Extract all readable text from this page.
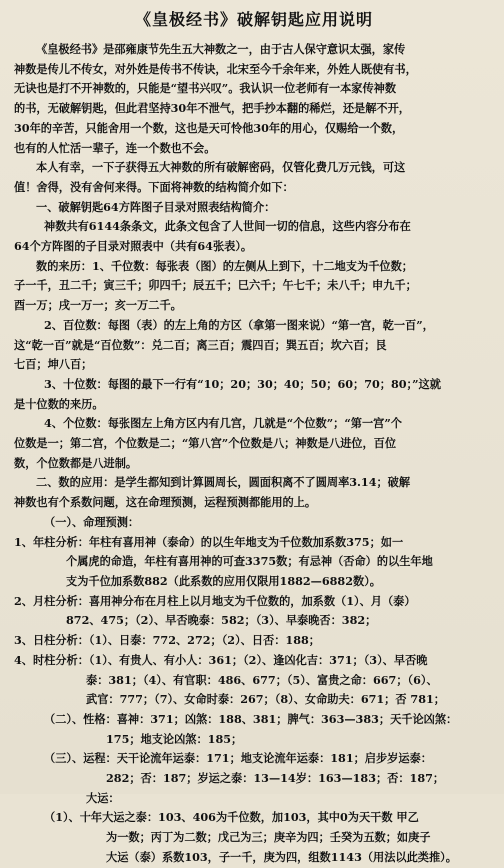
《皇极经书》破解钥匙应用说明
《皇极经书》是邵雍康节先生五大神数之一，由于古人保守意识太强，家传
神数是传儿不传女，对外姓是传书不传诀，北宋至今千余年来，外姓人既使有书，
无诀也是打不开神数的，只能是“望书兴叹”。我认识一位老师有一本家传神数
的书，无破解钥匙，但此君坚持30年不泄气，把手抄本翻的稀烂，还是解不开，
30年的辛苦，只能舍用一个数，这也是天可怜他30年的用心，仅赐给一个数，
也有的人忙活一辈子，连一个数也不会。
本人有幸，一下子获得五大神数的所有破解密码，仅管化费几万元钱，可这
值！舍得，没有舍何来得。下面将神数的结构简介如下：
一、破解钥匙64方阵图子目录对照表结构简介：
神数共有6144条条文，此条文包含了人世间一切的信息，这些内容分布在
64个方阵图的子目录对照表中（共有64张表）。
数的来历：1、千位数：每张表（图）的左侧从上到下，十二地支为千位数；
子一千，丑二千；寅三千；卯四千；辰五千；巳六千；午七千；未八千；申九千；
酉一万；戌一万一；亥一万二千。
2、百位数：每图（表）的左上角的方区（拿第一图来说）“第一宫，乾一百”，
这“乾一百”就是“百位数”：兑二百；离三百；震四百；巽五百；坎六百；艮
七百；坤八百；
3、十位数：每图的最下一行有“10；20；30；40；50；60；70；80；”这就
是十位数的来历。
4、个位数：每张图左上角方区内有几宫，几就是“个位数”；“第一宫”个
位数是一；第二宫，个位数是二；“第八宫”个位数是八；神数是八进位，百位
数，个位数都是八进制。
二、数的应用：是学生都知到计算圆周长，圆面积离不了圆周率3.14；破解
神数也有个系数问题，这在命理预测，运程预测都能用的上。
（一）、命理预测：
1、年柱分析：年柱有喜用神（泰命）的以生年地支为千位数加系数375；如一
个属虎的命造，年柱有喜用神的可查3375数；有忌神（否命）的以生年地
支为千位加系数882（此系数的应用仅限用1882—6882数）。
2、月柱分析：喜用神分布在月柱上以月地支为千位数的，加系数（1）、月（泰）
872、475；（2）、早否晚泰：582；（3）、早泰晚否：382；
3、日柱分析：（1）、日泰：772、272；（2）、日否：188；
4、时柱分析：（1）、有贵人、有小人：361；（2）、逢凶化吉：371；（3）、早否晚
泰：381；（4）、有官职：486、677；（5）、富贵之命：667；（6）、
武官：777；（7）、女命时泰：267；（8）、女命助夫：671；否 781；
（二）、性格：喜神：371；凶煞：188、381；脾气：363—383；天千论凶煞：
175；地支论凶煞：185；
（三）、运程：天干论流年运泰：171；地支论流年运泰：181；启步岁运泰：
282；否：187；岁运之泰：13—14岁：163—183；否：187；
大运：
（1）、十年大运之泰：103、406为千位数，加103，其中0为天干数 甲乙
为一数；丙丁为二数；戊己为三；庚辛为四；壬癸为五数；如庚子
大运（泰）系数103，子一千，庚为四，组数1143（用法以此类推）。
